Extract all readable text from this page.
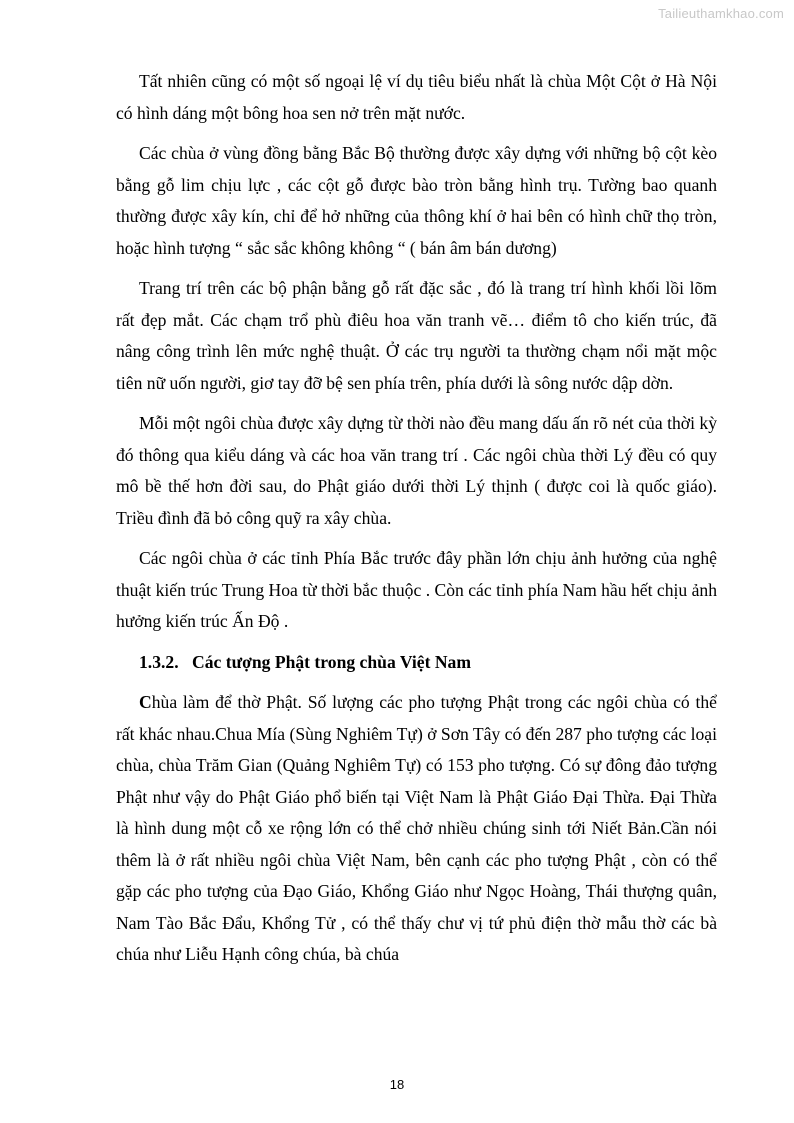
Tailieuthamkhao.com

Tất nhiên cũng có một số ngoại lệ ví dụ tiêu biểu nhất là chùa Một Cột ở Hà Nội có hình dáng một bông hoa sen nở trên mặt nước.

Các chùa ở vùng đồng bằng Bắc Bộ thường được xây dựng với những bộ cột kèo bằng gỗ lim chịu lực , các cột gỗ được bào tròn bằng hình trụ. Tường bao quanh thường được xây kín, chỉ để hở những của thông khí ở hai bên có hình chữ thọ tròn, hoặc hình tượng “ sắc sắc không không “ ( bán âm bán dương)

Trang trí trên các bộ phận bằng gỗ rất đặc sắc , đó là trang trí hình khối lồi lõm rất đẹp mắt. Các chạm trổ phù điêu hoa văn tranh vẽ… điểm tô cho kiến trúc, đã nâng công trình lên mức nghệ thuật. Ở các trụ người ta thường chạm nổi mặt mộc tiên nữ uốn người, giơ tay đỡ bệ sen phía trên, phía dưới là sông nước dập dờn.

Mỗi một ngôi chùa được xây dựng từ thời nào đều mang dấu ấn rõ nét của thời kỳ đó thông qua kiểu dáng và các hoa văn trang trí . Các ngôi chùa thời Lý đều có quy mô bề thế hơn đời sau, do Phật giáo dưới thời Lý thịnh ( được coi là quốc giáo). Triều đình đã bỏ công quỹ ra xây chùa.

Các ngôi chùa ở các tỉnh Phía Bắc trước đây phần lớn chịu ảnh hưởng của nghệ thuật kiến trúc Trung Hoa từ thời bắc thuộc . Còn các tỉnh phía Nam hầu hết chịu ảnh hưởng kiến trúc Ấn Độ .

1.3.2. Các tượng Phật trong chùa Việt Nam

Chùa làm để thờ Phật. Số lượng các pho tượng Phật trong các ngôi chùa có thể rất khác nhau.Chua Mía (Sùng Nghiêm Tự) ở Sơn Tây có đến 287 pho tượng các loại chùa, chùa Trăm Gian (Quảng Nghiêm Tự) có 153 pho tượng. Có sự đông đảo tượng Phật như vậy do Phật Giáo phổ biến tại Việt Nam là Phật Giáo Đại Thừa. Đại Thừa là hình dung một cỗ xe rộng lớn có thể chở nhiều chúng sinh tới Niết Bản.Cần nói thêm là ở rất nhiều ngôi chùa Việt Nam, bên cạnh các pho tượng Phật , còn có thể gặp các pho tượng của Đạo Giáo, Khổng Giáo như Ngọc Hoàng, Thái thượng quân, Nam Tào Bắc Đẩu, Khổng Tử , có thể thấy chư vị tứ phủ điện thờ mẫu thờ các bà chúa như Liễu Hạnh công chúa, bà chúa

18
